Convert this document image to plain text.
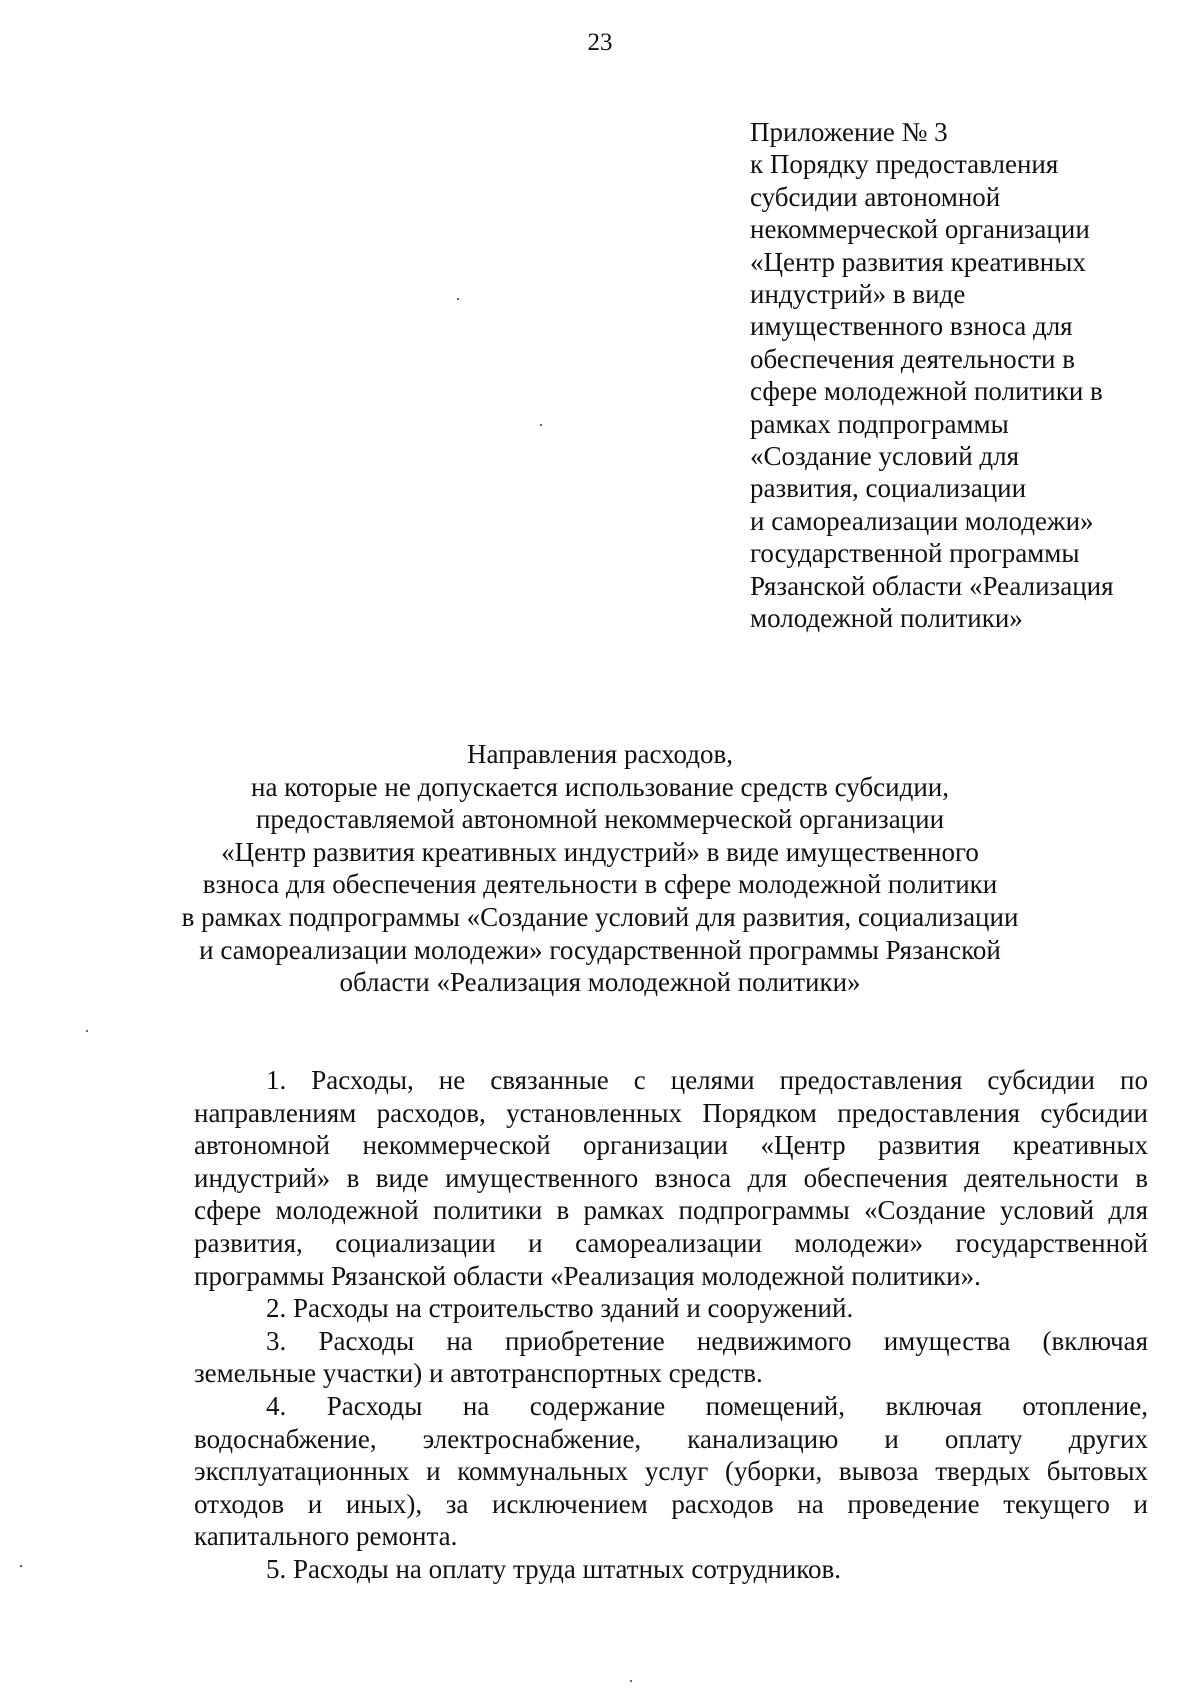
23
Приложение № 3
к Порядку предоставления
субсидии автономной
некоммерческой организации
«Центр развития креативных
индустрий» в виде
имущественного взноса для
обеспечения деятельности в
сфере молодежной политики в
рамках подпрограммы
«Создание условий для
развития, социализации
и самореализации молодежи»
государственной программы
Рязанской области «Реализация
молодежной политики»
Направления расходов,
на которые не допускается использование средств субсидии,
предоставляемой автономной некоммерческой организации
«Центр развития креативных индустрий» в виде имущественного
взноса для обеспечения деятельности в сфере молодежной политики
в рамках подпрограммы «Создание условий для развития, социализации
и самореализации молодежи» государственной программы Рязанской
области «Реализация молодежной политики»
1. Расходы, не связанные с целями предоставления субсидии по
направлениям расходов, установленных Порядком предоставления субсидии
автономной некоммерческой организации «Центр развития креативных
индустрий» в виде имущественного взноса для обеспечения деятельности в
сфере молодежной политики в рамках подпрограммы «Создание условий для
развития, социализации и самореализации молодежи» государственной
программы Рязанской области «Реализация молодежной политики».
2. Расходы на строительство зданий и сооружений.
3. Расходы на приобретение недвижимого имущества (включая
земельные участки) и автотранспортных средств.
4. Расходы на содержание помещений, включая отопление,
водоснабжение, электроснабжение, канализацию и оплату других
эксплуатационных и коммунальных услуг (уборки, вывоза твердых бытовых
отходов и иных), за исключением расходов на проведение текущего и
капитального ремонта.
5. Расходы на оплату труда штатных сотрудников.
